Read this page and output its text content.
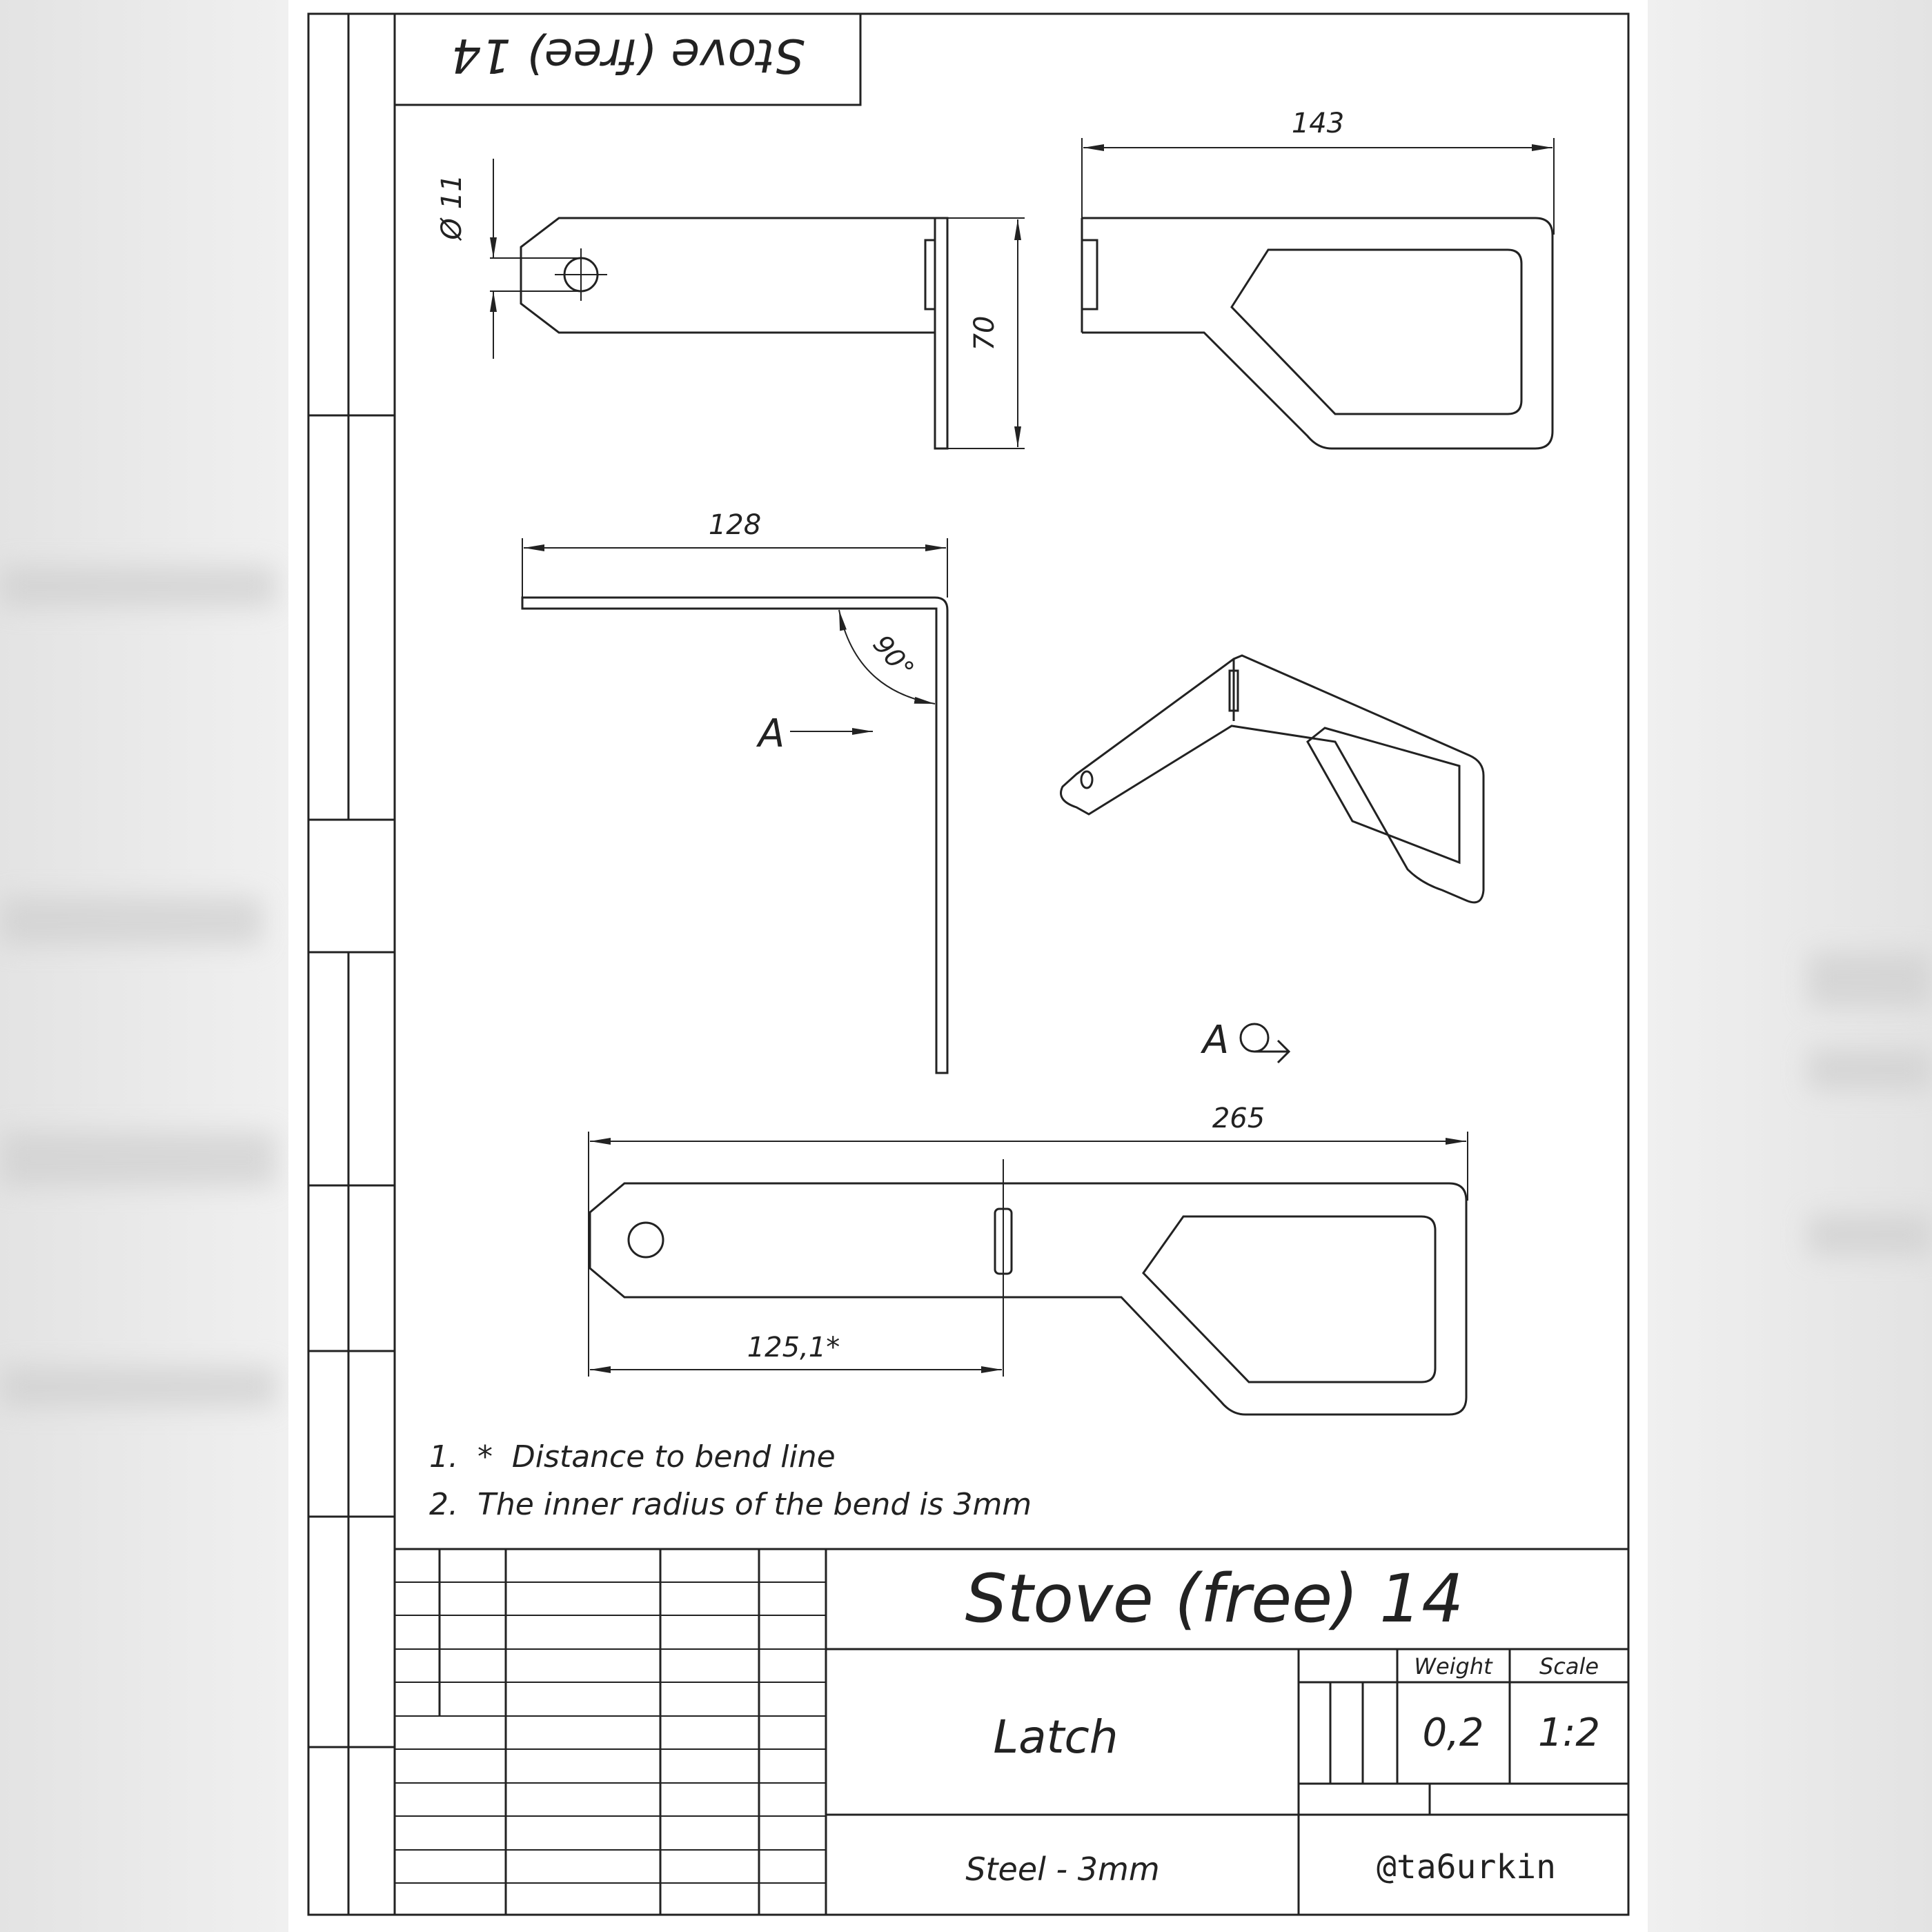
Stove (free) 14
Ø 11
70
143
128
90°
A
A
265
125,1*
1.  *  Distance to bend line
2.  The inner radius of the bend is 3mm
Stove (free) 14
Latch
Steel - 3mm
Weight Scale
0,2 1:2
@ta6urkin
